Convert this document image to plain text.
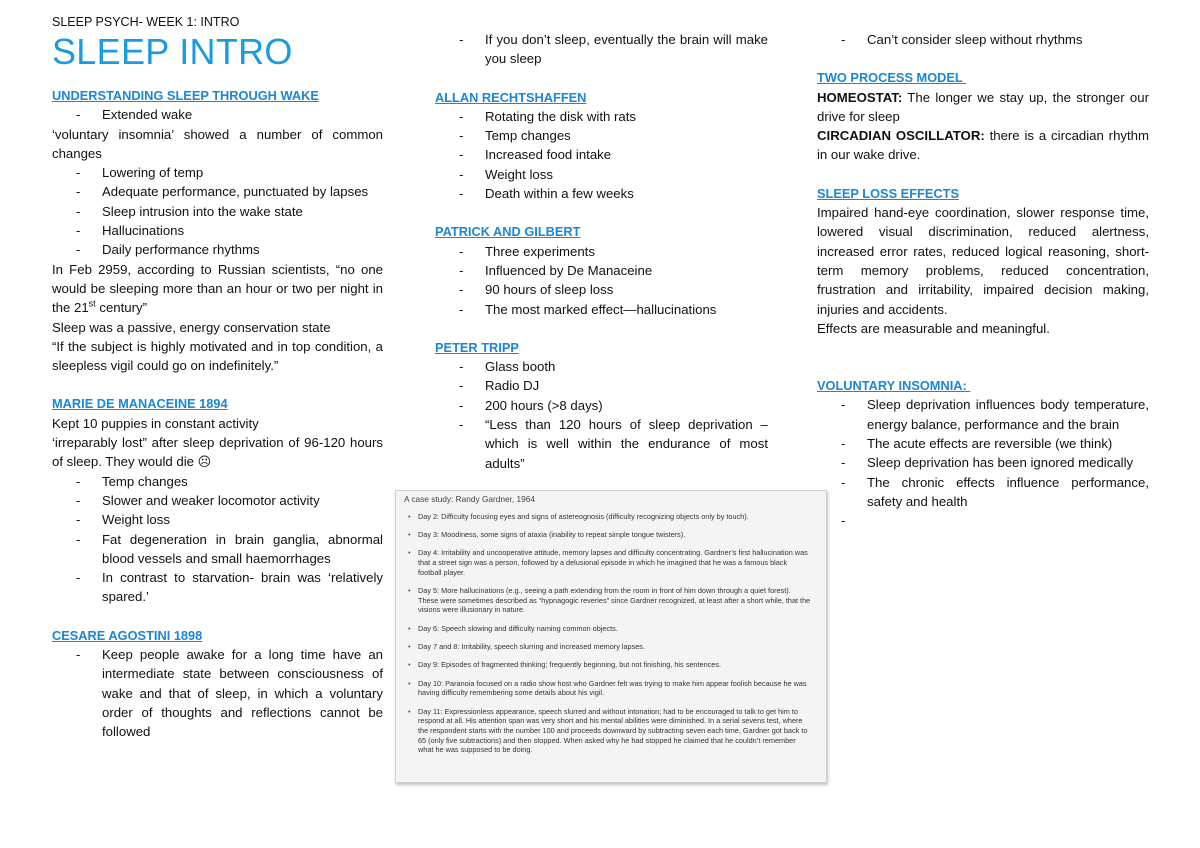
SLEEP PSYCH- WEEK 1: INTRO
SLEEP INTRO
UNDERSTANDING SLEEP THROUGH WAKE
- Extended wake

‘voluntary insomnia’ showed a number of common changes

- Lowering of temp
- Adequate performance, punctuated by lapses
- Sleep intrusion into the wake state
- Hallucinations
- Daily performance rhythms

In Feb 2959, according to Russian scientists, “no one would be sleeping more than an hour or two per night in the 21st century”

Sleep was a passive, energy conservation state

“If the subject is highly motivated and in top condition, a sleepless vigil could go on indefinitely.”

MARIE DE MANACEINE 1894

Kept 10 puppies in constant activity

‘irreparably lost” after sleep deprivation of 96-120 hours of sleep. They would die ☹

- Temp changes
- Slower and weaker locomotor activity
- Weight loss
- Fat degeneration in brain ganglia, abnormal blood vessels and small haemorrhages
- In contrast to starvation- brain was ‘relatively spared.’
CESARE AGOSTINI 1898
- Keep people awake for a long time have an intermediate state between consciousness of wake and that of sleep, in which a voluntary order of thoughts and reflections cannot be followed
- If you don’t sleep, eventually the brain will make you sleep
ALLAN RECHTSHAFFEN
- Rotating the disk with rats
- Temp changes
- Increased food intake
- Weight loss
- Death within a few weeks
PATRICK AND GILBERT
- Three experiments
- Influenced by De Manaceine
- 90 hours of sleep loss
- The most marked effect—hallucinations
PETER TRIPP
- Glass booth
- Radio DJ
- 200 hours (>8 days)
- “Less than 120 hours of sleep deprivation – which is well within the endurance of most adults”
A case study: Randy Gardner, 1964
• Day 2: Difficulty focusing eyes and signs of astereognosis (difficulty recognizing objects only by touch).
• Day 3: Moodiness, some signs of ataxia (inability to repeat simple tongue twisters).
• Day 4: Irritability and uncooperative attitude, memory lapses and difficulty concentrating. Gardner’s first hallucination was that a street sign was a person, followed by a delusional episode in which he imagined that he was a famous black football player.
• Day 5: More hallucinations (e.g., seeing a path extending from the room in front of him down through a quiet forest). These were sometimes described as “hypnagogic reveries” since Gardner recognized, at least after a short while, that the visions were illusionary in nature.
• Day 6: Speech slowing and difficulty naming common objects.
• Day 7 and 8: Irritability, speech slurring and increased memory lapses.
• Day 9: Episodes of fragmented thinking; frequently beginning, but not finishing, his sentences.
• Day 10: Paranoia focused on a radio show host who Gardner felt was trying to make him appear foolish because he was having difficulty remembering some details about his vigil.
• Day 11: Expressionless appearance, speech slurred and without intonation; had to be encouraged to talk to get him to respond at all. His attention span was very short and his mental abilities were diminished. In a serial sevens test, where the respondent starts with the number 100 and proceeds downward by subtracting seven each time, Gardner got back to 65 (only five subtractions) and then stopped. When asked why he had stopped he claimed that he couldn’t remember what he was supposed to be doing.
- Can’t consider sleep without rhythms
TWO PROCESS MODEL

HOMEOSTAT: The longer we stay up, the stronger our drive for sleep

CIRCADIAN OSCILLATOR: there is a circadian rhythm in our wake drive.

SLEEP LOSS EFFECTS

Impaired hand-eye coordination, slower response time, lowered visual discrimination, reduced alertness, increased error rates, reduced logical reasoning, short-term memory problems, reduced concentration, frustration and irritability, impaired decision making, injuries and accidents.

Effects are measurable and meaningful.

VOLUNTARY INSOMNIA:
- Sleep deprivation influences body temperature, energy balance, performance and the brain
- The acute effects are reversible (we think)
- Sleep deprivation has been ignored medically
- The chronic effects influence performance, safety and health
-
